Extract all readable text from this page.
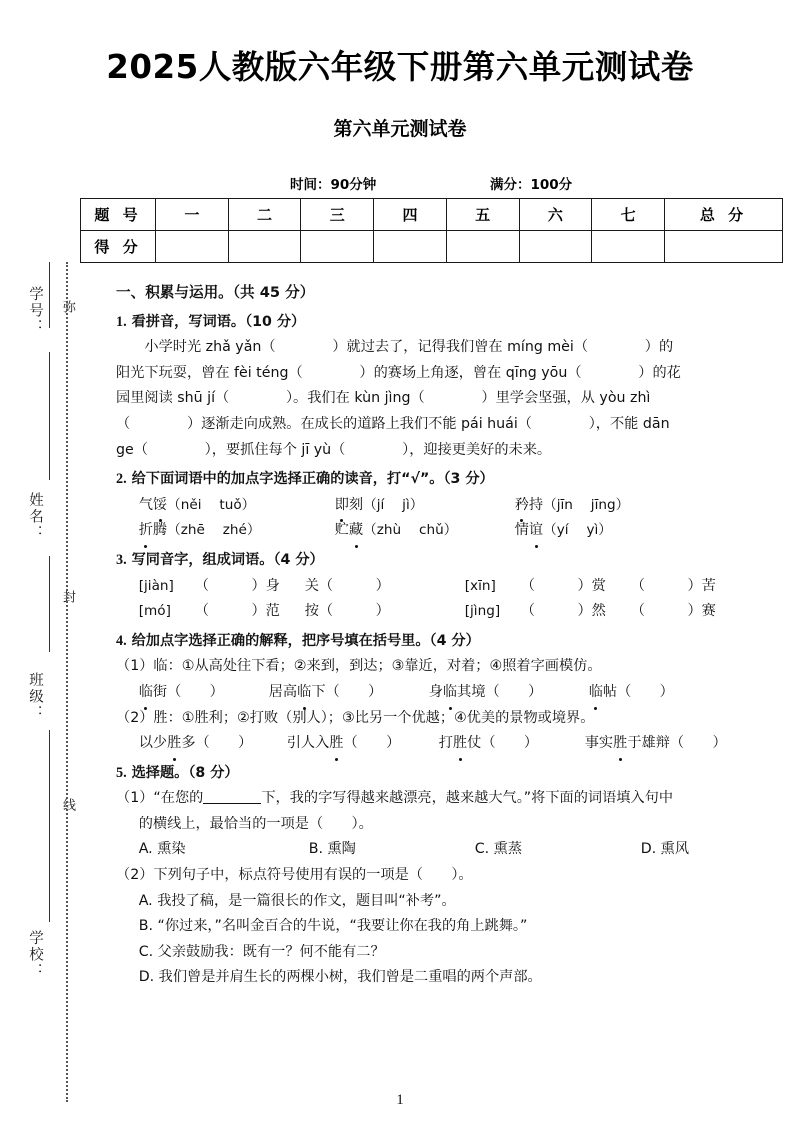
学号：
姓名：
班级：
学校：
弥
封
线
2025人教版六年级下册第六单元测试卷
第六单元测试卷
时间：90分钟	满分：100分
题 号	一	二	三	四	五	六	七	总 分
得 分								

一、积累与运用。（共 45 分）

1. 看拼音，写词语。（10 分）

小学时光 zhǎ yǎn（　　　　）就过去了，记得我们曾在 míng mèi（　　　　）的

阳光下玩耍，曾在 fèi téng（　　　　）的赛场上角逐，曾在 qīng yōu（　　　　）的花

园里阅读 shū jí（　　　　）。我们在 kùn jìng（　　　　）里学会坚强，从 yòu zhì

（　　　　）逐渐走向成熟。在成长的道路上我们不能 pái huái（　　　　），不能 dān

ge（　　　　），要抓住每个 jī yù（　　　　），迎接更美好的未来。

2. 给下面词语中的加点字选择正确的读音，打“√”。（3 分）

气馁（něi　 tuǒ）	即刻（jí　 jì）	矜持（jīn　 jīng）
折腾（zhē　 zhé）	贮藏（zhù　 chǔ）	情谊（yí　 yì）

3. 写同音字，组成词语。（4 分）

[jiàn]	（　　　）身	关（　　　）	[xīn]	（　　　）赏	（　　　）苦
[mó]	（　　　）范	按（　　　）	[jìng]	（　　　）然	（　　　）赛

4. 给加点字选择正确的解释，把序号填在括号里。（4 分）

（1）临：①从高处往下看；②来到，到达；③靠近，对着；④照着字画模仿。

临街（　　）	居高临下（　　）	身临其境（　　）	临帖（　　）

（2）胜：①胜利；②打败（别人）；③比另一个优越；④优美的景物或境界。

以少胜多（　　）	引人入胜（　　）	打胜仗（　　）	事实胜于雄辩（　　）

5. 选择题。（8 分）

（1）“在您的	下，我的字写得越来越漂亮，越来越大气。”将下面的词语填入句中

的横线上，最恰当的一项是（　　）。

A. 熏染	B. 熏陶	C. 熏蒸	D. 熏风

（2）下列句子中，标点符号使用有误的一项是（　　）。

A. 我投了稿，是一篇很长的作文，题目叫“补考”。

B. “你过来，”名叫金百合的牛说，“我要让你在我的角上跳舞。”

C. 父亲鼓励我：既有一？何不能有二？

D. 我们曾是并肩生长的两棵小树，我们曾是二重唱的两个声部。

1
